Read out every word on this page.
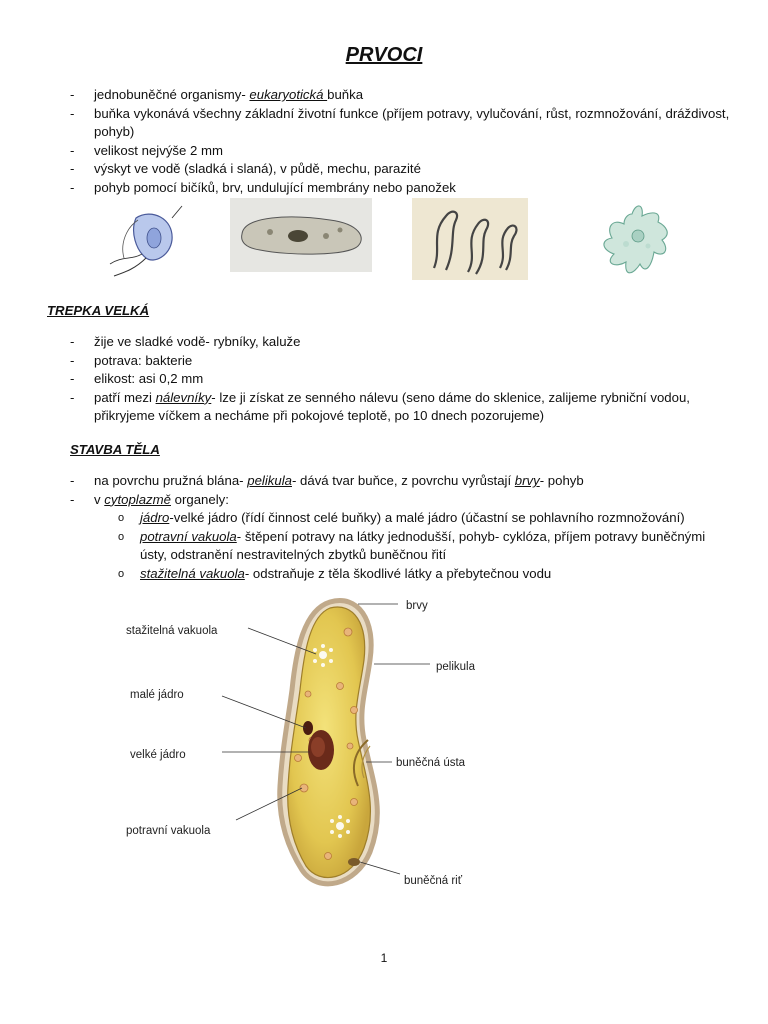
PRVOCI
- jednobuněčné organismy- eukaryotická buňka
- buňka vykonává všechny základní životní funkce (příjem potravy, vylučování, růst, rozmnožování, dráždivost, pohyb)
- velikost nejvýše 2 mm
- výskyt ve vodě (sladká i slaná), v půdě, mechu, parazité
- pohyb pomocí bičíků, brv, undulující membrány nebo panožek
TREPKA VELKÁ
- žije ve sladké vodě- rybníky, kaluže
- potrava: bakterie
- elikost: asi 0,2 mm
- patří mezi nálevníky- lze ji získat ze senného nálevu (seno dáme do sklenice, zalijeme rybniční vodou, přikryjeme víčkem a necháme při pokojové teplotě, po 10 dnech pozorujeme)
STAVBA TĚLA
- na povrchu pružná blána- pelikula- dává tvar buňce, z povrchu vyrůstají brvy- pohyb
- v cytoplazmě organely:
o jádro-velké jádro (řídí činnost celé buňky) a malé jádro (účastní se pohlavního rozmnožování)
o potravní vakuola- štěpení potravy na látky jednodušší, pohyb- cyklóza, příjem potravy buněčnými ústy, odstranění nestravitelných zbytků buněčnou řití
o stažitelná vakuola- odstraňuje z těla škodlivé látky a přebytečnou vodu
brvy
stažitelná vakuola
pelikula
malé jádro
velké jádro
buněčná ústa
potravní vakuola
buněčná riť
1
